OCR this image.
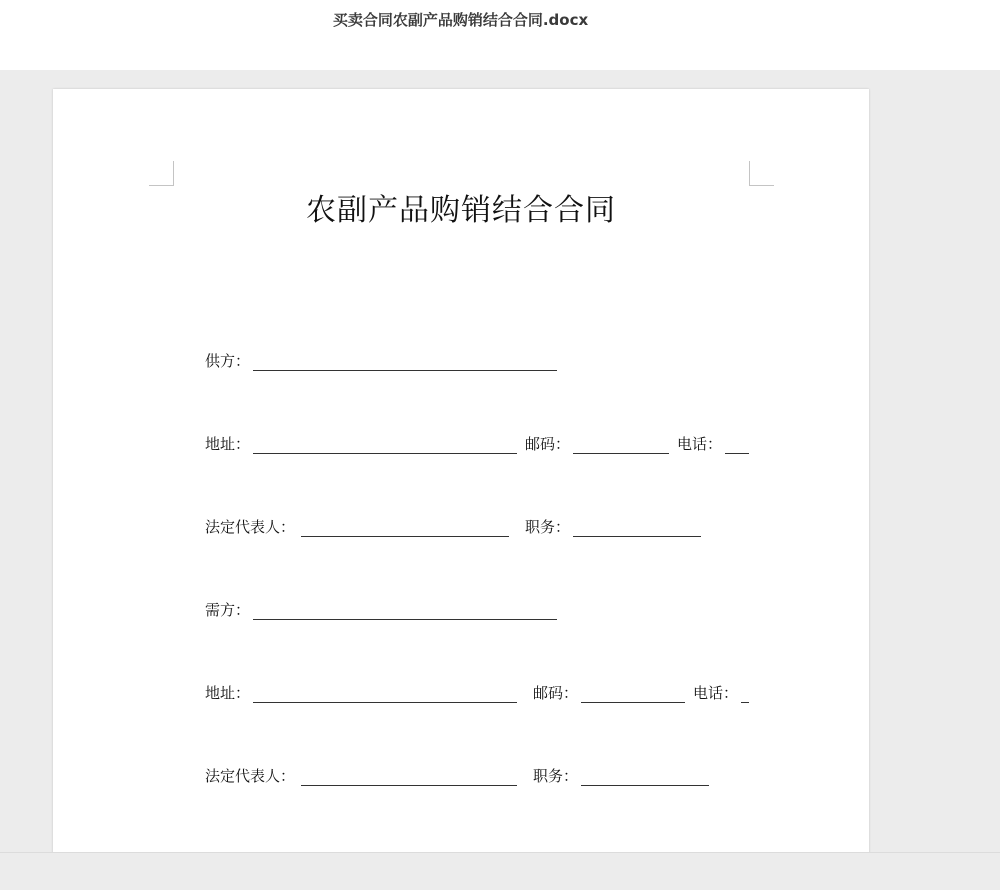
买卖合同农副产品购销结合合同.docx
农副产品购销结合合同
供方：
地址：	邮码：	电话：
法定代表人：	职务：
需方：
地址：	邮码：	电话：
法定代表人：	职务：
